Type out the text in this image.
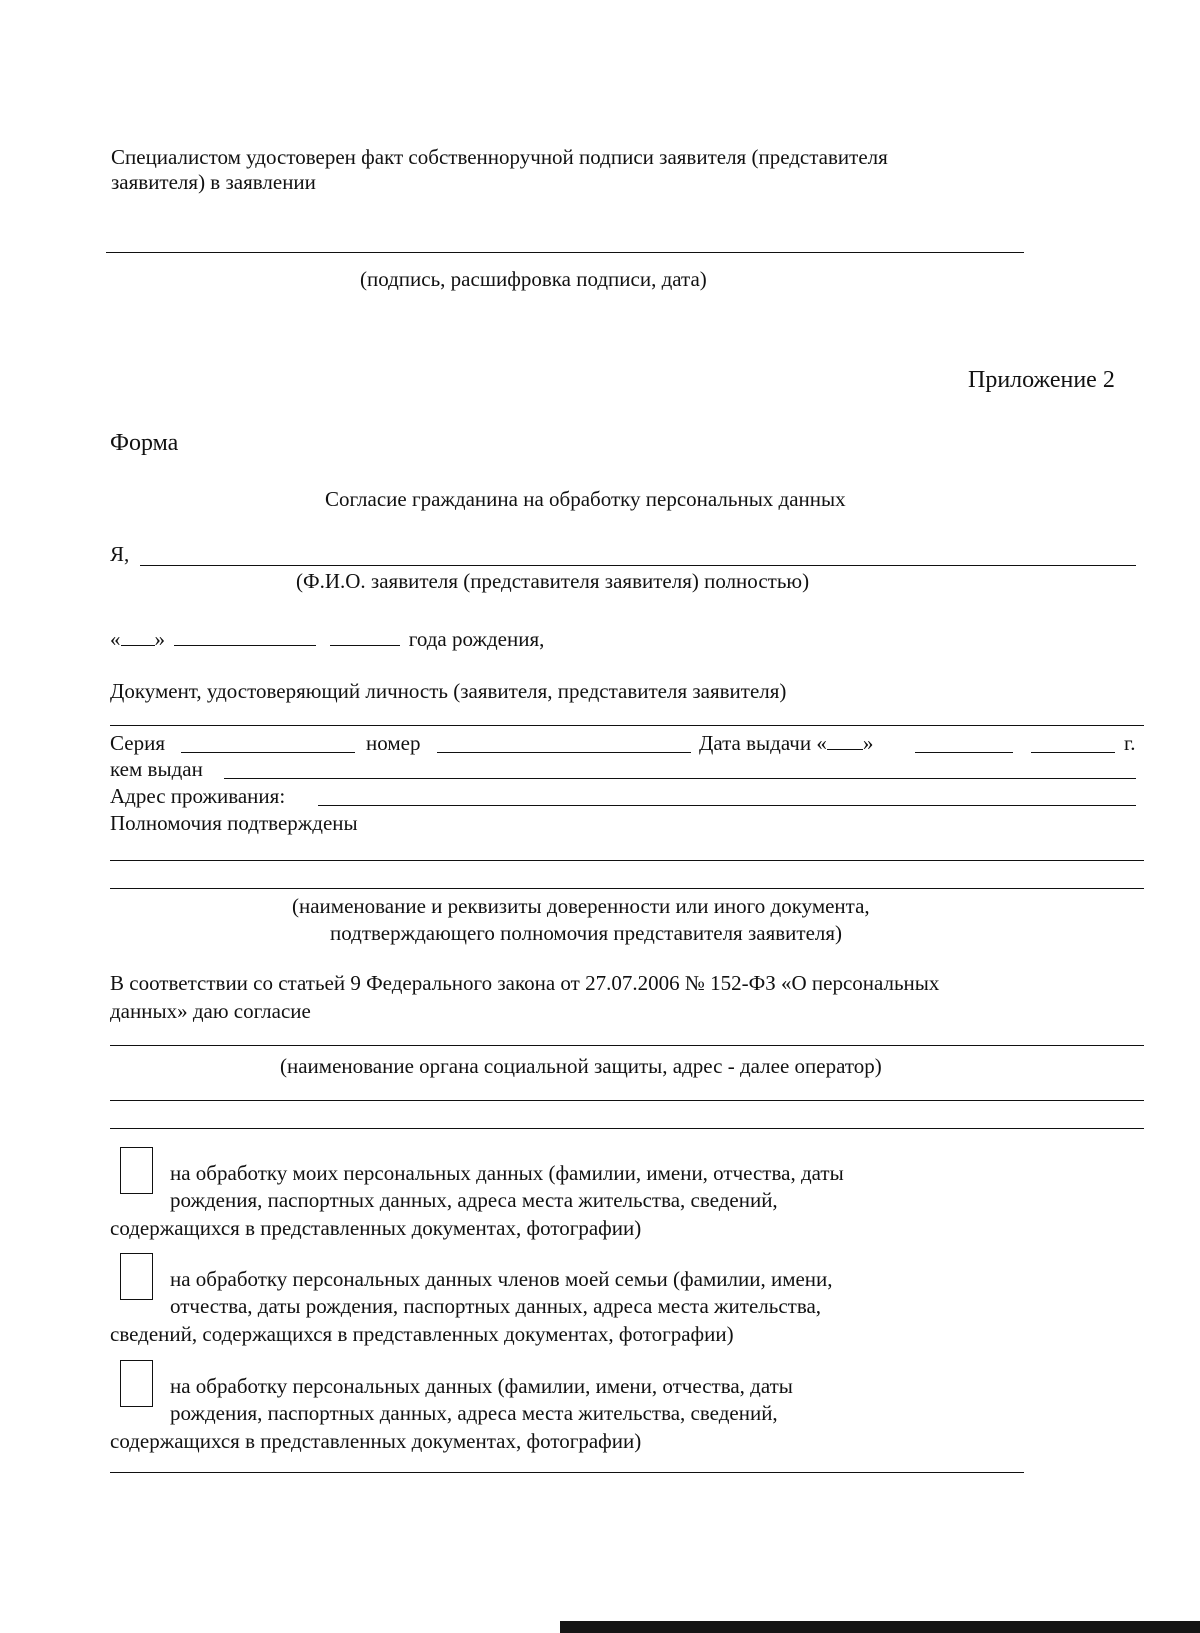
Специалистом удостоверен факт собственноручной подписи заявителя (представителя
заявителя) в заявлении
(подпись, расшифровка подписи, дата)
Приложение 2
Форма
Согласие гражданина на обработку персональных данных
Я,
(Ф.И.О. заявителя (представителя заявителя) полностью)
« »	года рождения,
Документ, удостоверяющий личность (заявителя, представителя заявителя)
Серия	номер	Дата выдачи « »	г.
кем выдан
Адрес проживания:
Полномочия подтверждены
(наименование и реквизиты доверенности или иного документа,
подтверждающего полномочия представителя заявителя)
В соответствии со статьей 9 Федерального закона от 27.07.2006 № 152-ФЗ «О персональных
данных» даю согласие
(наименование органа социальной защиты, адрес - далее оператор)
на обработку моих персональных данных (фамилии, имени, отчества, даты
рождения, паспортных данных, адреса места жительства, сведений,
содержащихся в представленных документах, фотографии)
на обработку персональных данных членов моей семьи (фамилии, имени,
отчества, даты рождения, паспортных данных, адреса места жительства,
сведений, содержащихся в представленных документах, фотографии)
на обработку персональных данных (фамилии, имени, отчества, даты
рождения, паспортных данных, адреса места жительства, сведений,
содержащихся в представленных документах, фотографии)
